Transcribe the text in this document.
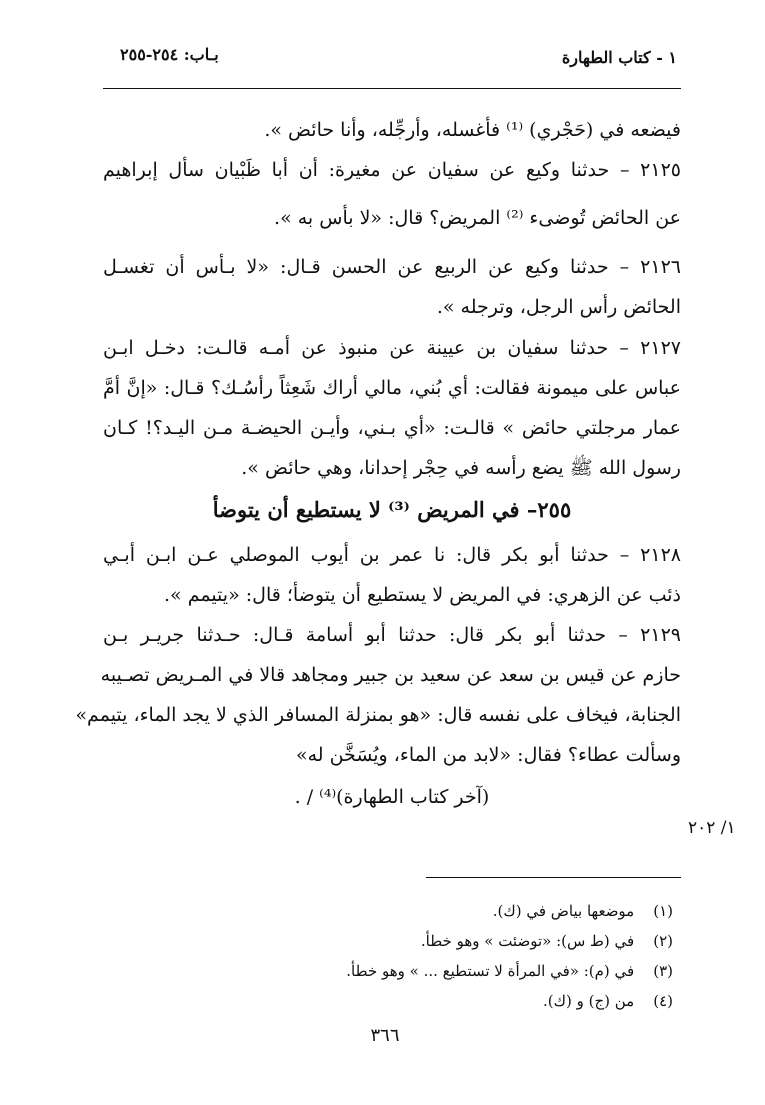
١ - كتاب الطهارة
بـاب: ٢٥٤-٢٥٥
فيضعه في (حَجْري) ⁽¹⁾ فأغسله، وأرجِّله، وأنا حائض ».
٢١٢٥ – حدثنا وكيع عن سفيان عن مغيرة: أن أبا ظَبْيان سأل إبراهيم
عن الحائض تُوضىء ⁽²⁾ المريض؟ قال: «لا بأس به ».
٢١٢٦ – حدثنا وكيع عن الربيع عن الحسن قـال: «لا بـأس أن تغسـل
الحائض رأس الرجل، وترجله ».
٢١٢٧ – حدثنا سفيان بن عيينة عن منبوذ عن أمـه قالـت: دخـل ابـن
عباس على ميمونة فقالت: أي بُني، مالي أراك شَعِثاً رأسُـك؟ قـال: «إنَّ أمَّ
عمار مرجلتي حائض » قالـت: «أي بـني، وأيـن الحيضـة مـن اليـد؟! كـان
رسول الله ﷺ يضع رأسه في حِجْر إحدانا، وهي حائض ».
٢٥٥– في المريض ⁽³⁾ لا يستطيع أن يتوضأ
٢١٢٨ – حدثنا أبو بكر قال: نا عمر بن أيوب الموصلي عـن ابـن أبـي
ذئب عن الزهري: في المريض لا يستطيع أن يتوضأ؛ قال: «يتيمم ».
٢١٢٩ – حدثنا أبو بكر قال: حدثنا أبو أسامة قـال: حـدثنا جريـر بـن
حازم عن قيس بن سعد عن سعيد بن جبير ومجاهد قالا في المـريض تصـيبه
الجنابة، فيخاف على نفسه قال: «هو بمنزلة المسافر الذي لا يجد الماء، يتيمم»
وسألت عطاء؟ فقال: «لابد من الماء، ويُسَخَّن له»
(آخر كتاب الطهارة)⁽⁴⁾ / .
١/ ٢٠٢
(١) موضعها بياض في (ك).
(٢) في (ط س): «توضئت » وهو خطأ.
(٣) في (م): «في المرأة لا تستطيع ... » وهو خطأ.
(٤) من (ج) و (ك).
٣٦٦
